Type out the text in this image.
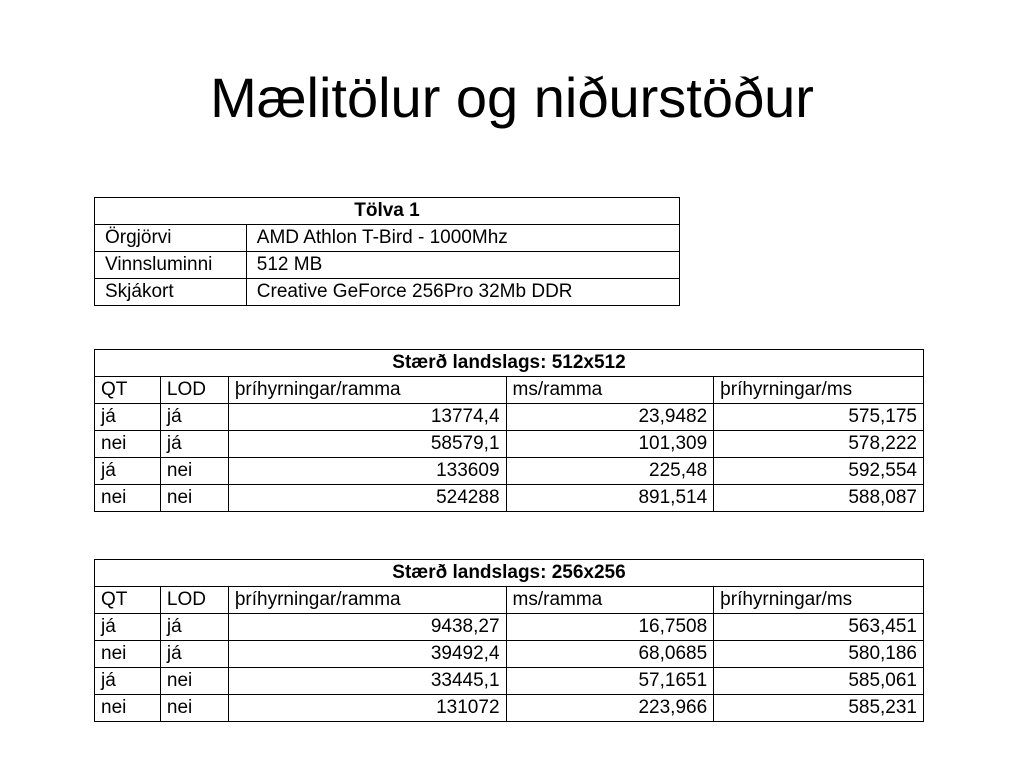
Mælitölur og niðurstöður
Tölva 1	
Örgjörvi	AMD Athlon T-Bird - 1000Mhz
Vinnsluminni	512 MB
Skjákort	Creative GeForce 256Pro 32Mb DDR
Stærð landslags: 512x512				
QT	LOD	þríhyrningar/ramma	ms/ramma	þríhyrningar/ms
já	já	13774,4	23,9482	575,175
nei	já	58579,1	101,309	578,222
já	nei	133609	225,48	592,554
nei	nei	524288	891,514	588,087
Stærð landslags: 256x256				
QT	LOD	þríhyrningar/ramma	ms/ramma	þríhyrningar/ms
já	já	9438,27	16,7508	563,451
nei	já	39492,4	68,0685	580,186
já	nei	33445,1	57,1651	585,061
nei	nei	131072	223,966	585,231
